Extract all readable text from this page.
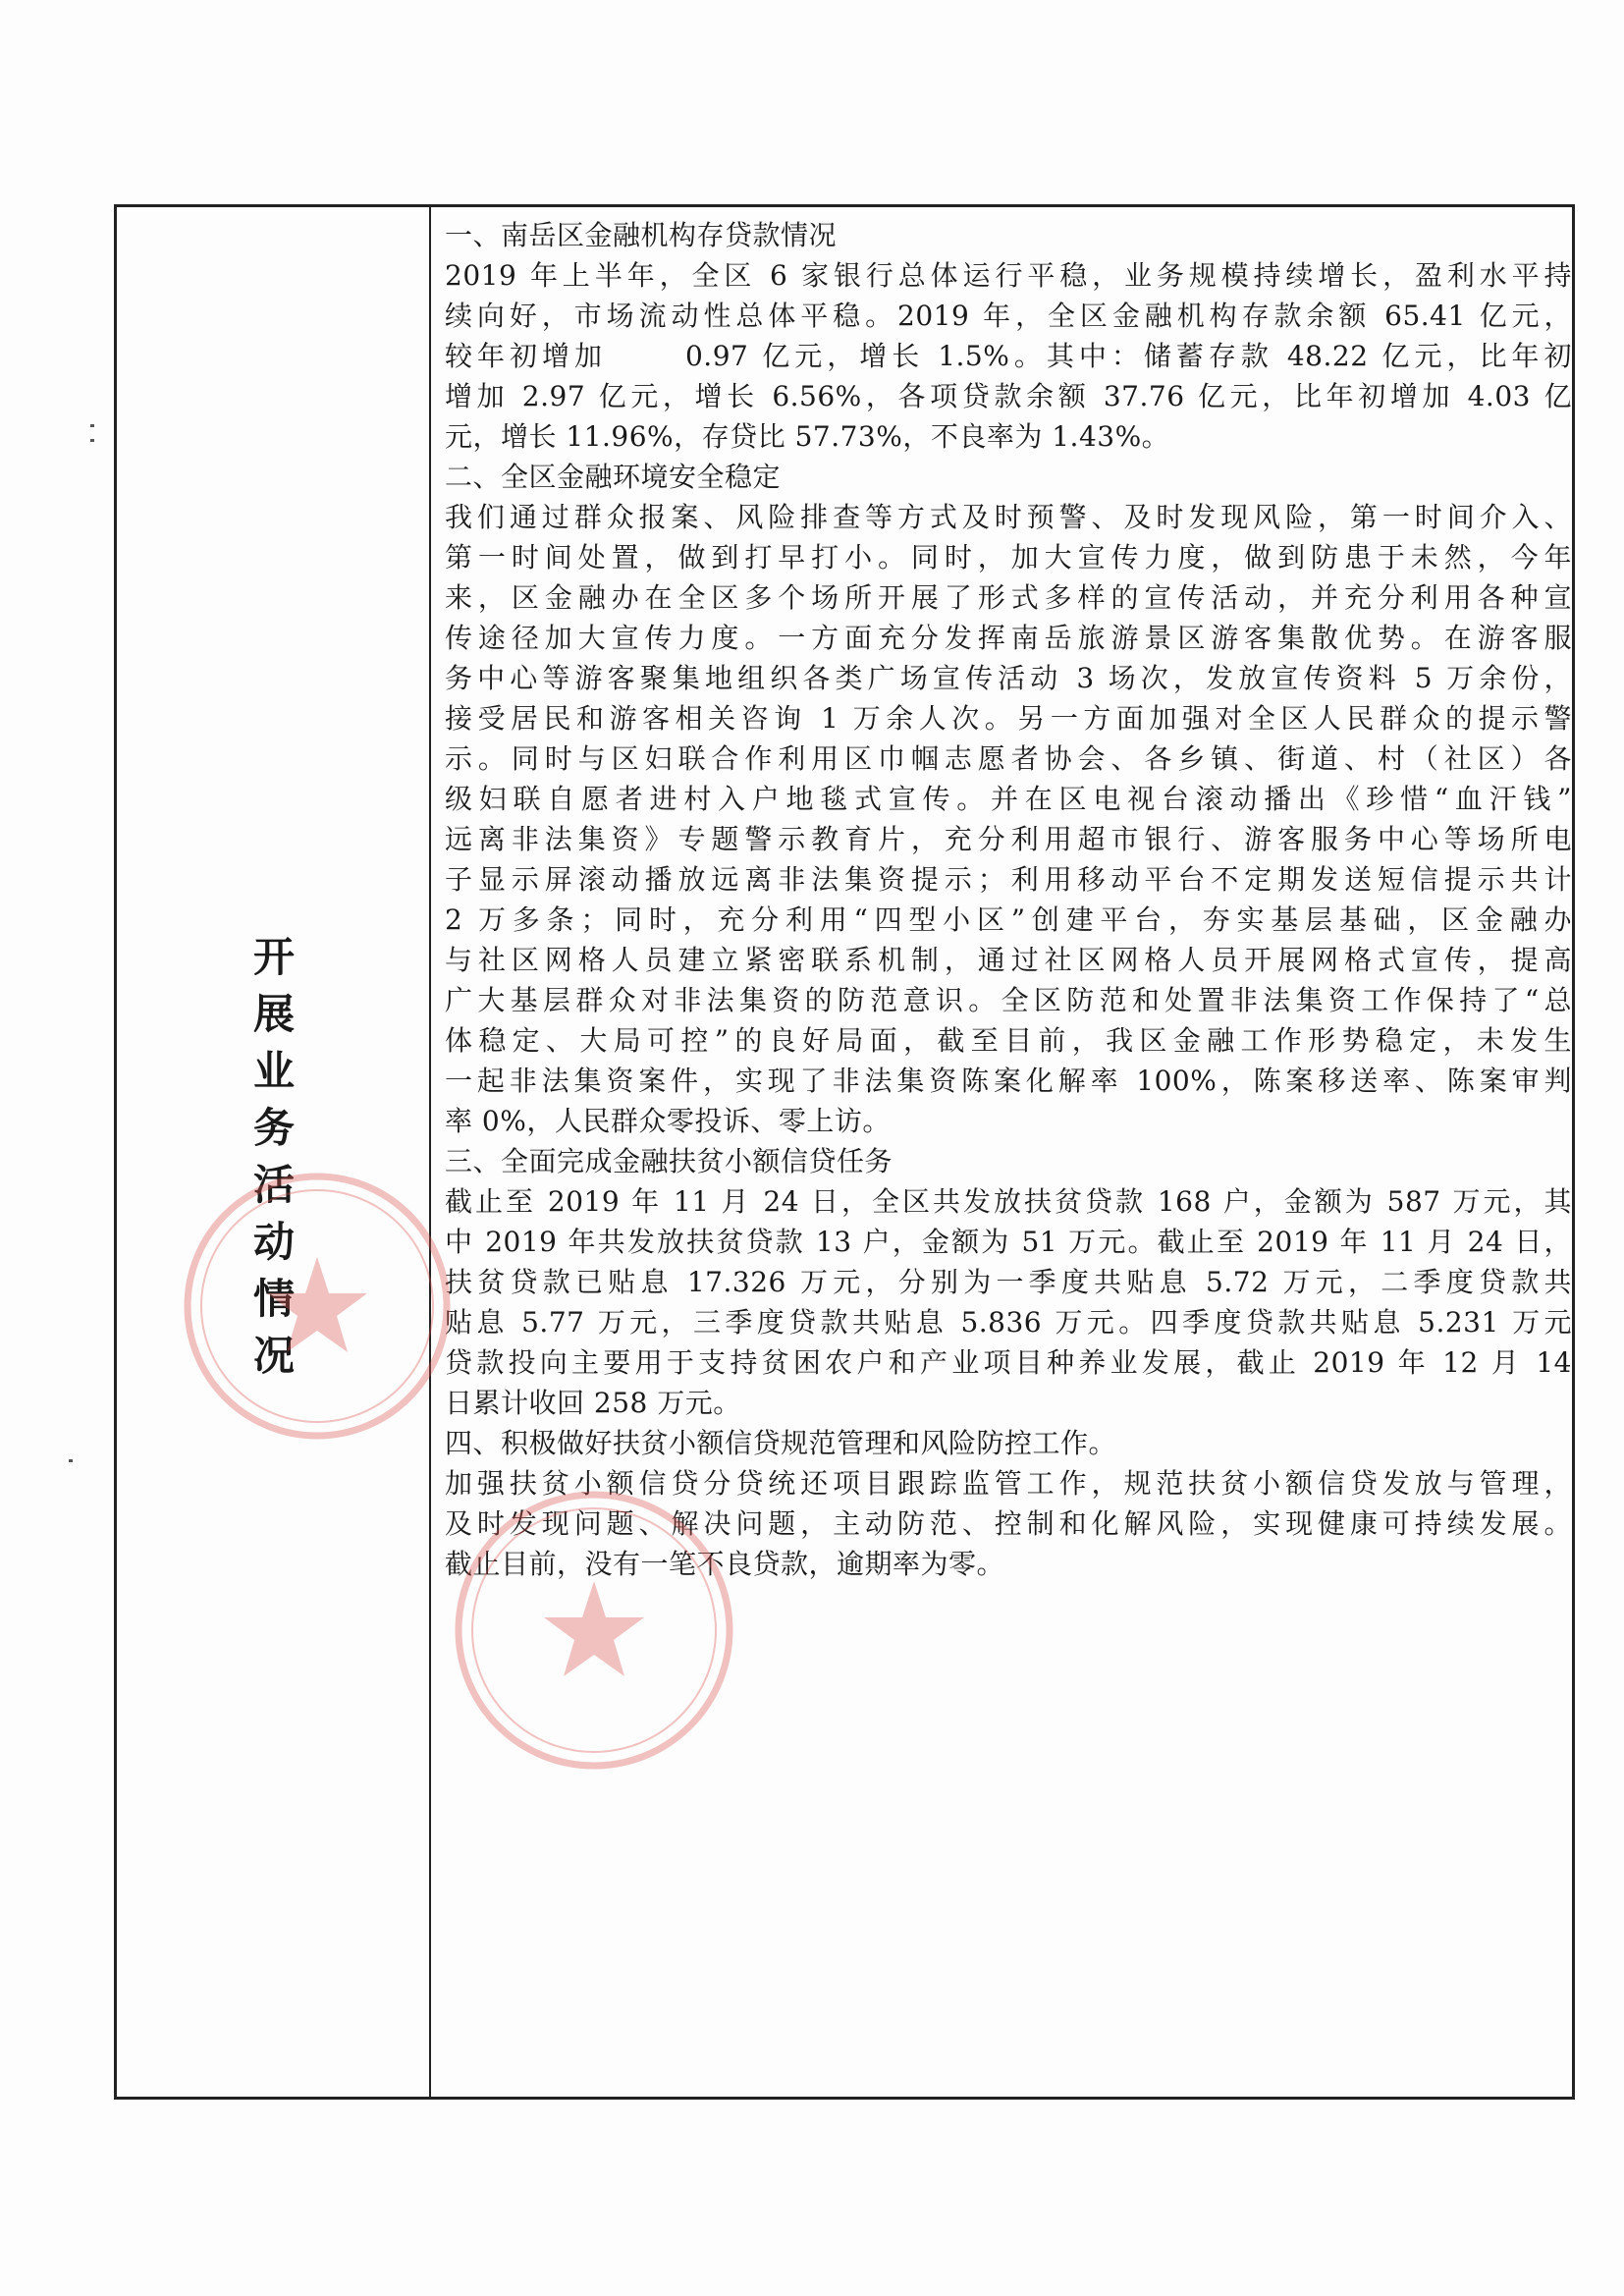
开
展
业
务
活
动
情
况
一、南岳区金融机构存贷款情况
2019 年上半年，全区 6 家银行总体运行平稳，业务规模持续增长，盈利水平持
续向好，市场流动性总体平稳。2019 年，全区金融机构存款余额 65.41 亿元，
较年初增加　　 0.97 亿元，增长 1.5%。其中：储蓄存款 48.22 亿元，比年初
增加 2.97 亿元，增长 6.56%，各项贷款余额 37.76 亿元，比年初增加 4.03 亿
元，增长 11.96%，存贷比 57.73%，不良率为 1.43%。
二、全区金融环境安全稳定
我们通过群众报案、风险排查等方式及时预警、及时发现风险，第一时间介入、
第一时间处置，做到打早打小。同时，加大宣传力度，做到防患于未然，今年
来，区金融办在全区多个场所开展了形式多样的宣传活动，并充分利用各种宣
传途径加大宣传力度。一方面充分发挥南岳旅游景区游客集散优势。在游客服
务中心等游客聚集地组织各类广场宣传活动 3 场次，发放宣传资料 5 万余份，
接受居民和游客相关咨询 1 万余人次。另一方面加强对全区人民群众的提示警
示。同时与区妇联合作利用区巾帼志愿者协会、各乡镇、街道、村（社区）各
级妇联自愿者进村入户地毯式宣传。并在区电视台滚动播出《珍惜“血汗钱”
远离非法集资》专题警示教育片，充分利用超市银行、游客服务中心等场所电
子显示屏滚动播放远离非法集资提示；利用移动平台不定期发送短信提示共计
2 万多条；同时，充分利用“四型小区”创建平台，夯实基层基础，区金融办
与社区网格人员建立紧密联系机制，通过社区网格人员开展网格式宣传，提高
广大基层群众对非法集资的防范意识。全区防范和处置非法集资工作保持了“总
体稳定、大局可控”的良好局面，截至目前，我区金融工作形势稳定，未发生
一起非法集资案件，实现了非法集资陈案化解率 100%，陈案移送率、陈案审判
率 0%，人民群众零投诉、零上访。
三、全面完成金融扶贫小额信贷任务
截止至 2019 年 11 月 24 日，全区共发放扶贫贷款 168 户，金额为 587 万元，其
中 2019 年共发放扶贫贷款 13 户，金额为 51 万元。截止至 2019 年 11 月 24 日，
扶贫贷款已贴息 17.326 万元，分别为一季度共贴息 5.72 万元，二季度贷款共
贴息 5.77 万元，三季度贷款共贴息 5.836 万元。四季度贷款共贴息 5.231 万元
贷款投向主要用于支持贫困农户和产业项目种养业发展，截止 2019 年 12 月 14
日累计收回 258 万元。
四、积极做好扶贫小额信贷规范管理和风险防控工作。
加强扶贫小额信贷分贷统还项目跟踪监管工作，规范扶贫小额信贷发放与管理，
及时发现问题、解决问题，主动防范、控制和化解风险，实现健康可持续发展。
截止目前，没有一笔不良贷款，逾期率为零。
